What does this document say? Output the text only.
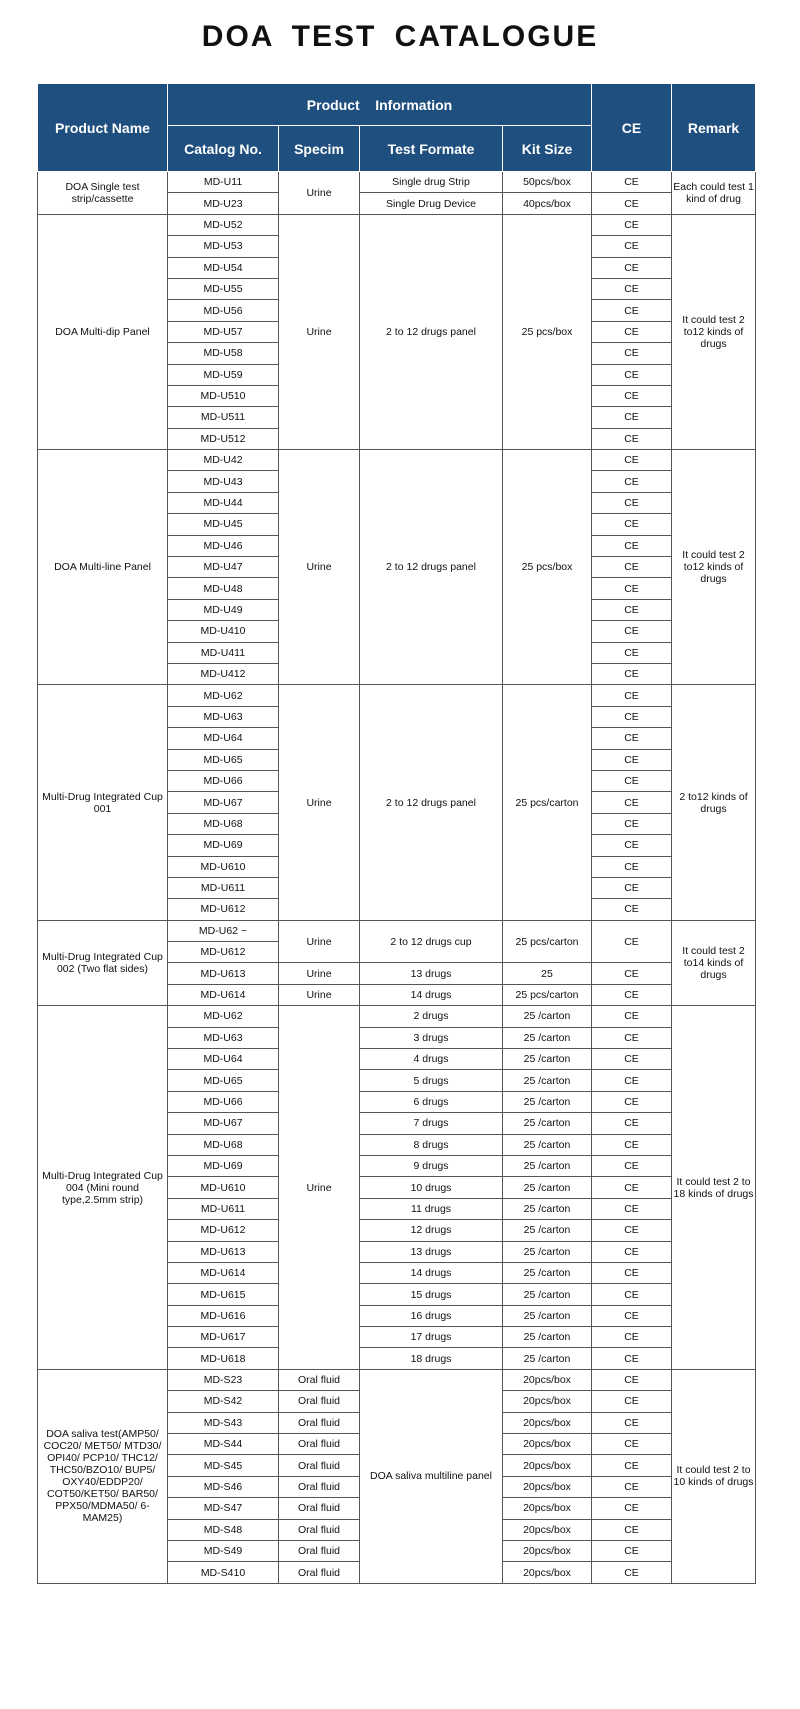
DOA TEST CATALOGUE
Product Name	Product    Information				CE	Remark
	Catalog No.	Specim	Test Formate	Kit Size		
DOA Single test strip/cassette	MD-U11	Urine	Single drug Strip	50pcs/box	CE	Each could test 1 kind of drug
	MD-U23		Single Drug Device	40pcs/box	CE	
DOA Multi-dip Panel	MD-U52	Urine	2 to 12 drugs panel	25 pcs/box	CE	It could test 2 to12 kinds of drugs
	MD-U53				CE	
	MD-U54				CE	
	MD-U55				CE	
	MD-U56				CE	
	MD-U57				CE	
	MD-U58				CE	
	MD-U59				CE	
	MD-U510				CE	
	MD-U511				CE	
	MD-U512				CE	
DOA Multi-line Panel	MD-U42	Urine	2 to 12 drugs panel	25 pcs/box	CE	It could test 2 to12 kinds of drugs
	MD-U43				CE	
	MD-U44				CE	
	MD-U45				CE	
	MD-U46				CE	
	MD-U47				CE	
	MD-U48				CE	
	MD-U49				CE	
	MD-U410				CE	
	MD-U411				CE	
	MD-U412				CE	
Multi-Drug Integrated Cup 001	MD-U62	Urine	2 to 12 drugs panel	25 pcs/carton	CE	2 to12 kinds of drugs
	MD-U63				CE	
	MD-U64				CE	
	MD-U65				CE	
	MD-U66				CE	
	MD-U67				CE	
	MD-U68				CE	
	MD-U69				CE	
	MD-U610				CE	
	MD-U611				CE	
	MD-U612				CE	
Multi-Drug Integrated Cup 002 (Two flat sides)	MD-U62 ~	Urine	2 to 12 drugs cup	25 pcs/carton	CE	It could test 2 to14 kinds of drugs
	MD-U612					
	MD-U613	Urine	13 drugs	25	CE	
	MD-U614	Urine	14 drugs	25 pcs/carton	CE	
Multi-Drug Integrated Cup 004 (Mini round type,2.5mm strip)	MD-U62	Urine	2 drugs	25 /carton	CE	It could test 2 to 18 kinds of drugs
	MD-U63		3 drugs	25 /carton	CE	
	MD-U64		4 drugs	25 /carton	CE	
	MD-U65		5 drugs	25 /carton	CE	
	MD-U66		6 drugs	25 /carton	CE	
	MD-U67		7 drugs	25 /carton	CE	
	MD-U68		8 drugs	25 /carton	CE	
	MD-U69		9 drugs	25 /carton	CE	
	MD-U610		10 drugs	25 /carton	CE	
	MD-U611		11 drugs	25 /carton	CE	
	MD-U612		12 drugs	25 /carton	CE	
	MD-U613		13 drugs	25 /carton	CE	
	MD-U614		14 drugs	25 /carton	CE	
	MD-U615		15 drugs	25 /carton	CE	
	MD-U616		16 drugs	25 /carton	CE	
	MD-U617		17 drugs	25 /carton	CE	
	MD-U618		18 drugs	25 /carton	CE	
DOA saliva test(AMP50/ COC20/ MET50/ MTD30/ OPI40/ PCP10/ THC12/ THC50/BZO10/ BUP5/ OXY40/EDDP20/ COT50/KET50/ BAR50/ PPX50/MDMA50/ 6-MAM25)	MD-S23	Oral fluid	DOA saliva multiline panel	20pcs/box	CE	It could test 2 to 10 kinds of drugs
	MD-S42	Oral fluid		20pcs/box	CE	
	MD-S43	Oral fluid		20pcs/box	CE	
	MD-S44	Oral fluid		20pcs/box	CE	
	MD-S45	Oral fluid		20pcs/box	CE	
	MD-S46	Oral fluid		20pcs/box	CE	
	MD-S47	Oral fluid		20pcs/box	CE	
	MD-S48	Oral fluid		20pcs/box	CE	
	MD-S49	Oral fluid		20pcs/box	CE	
	MD-S410	Oral fluid		20pcs/box	CE	
